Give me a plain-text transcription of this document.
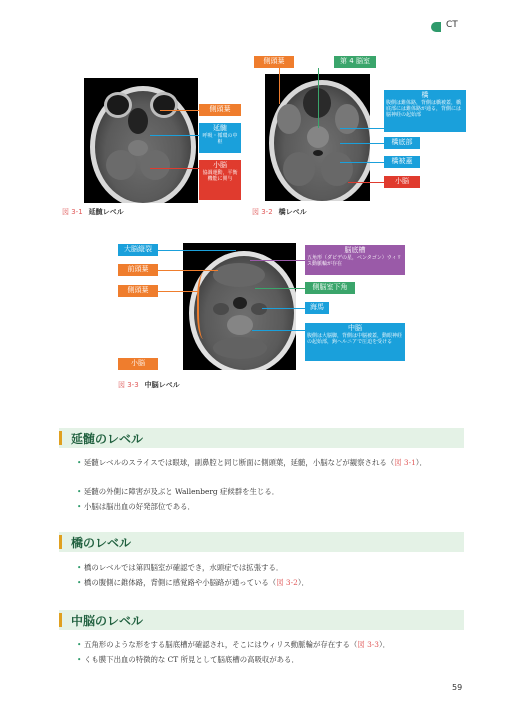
CT
側頭葉
延髄
呼吸・循環の中枢
小脳
協調運動，平衡機能に関与
図 3-1 延髄レベル
側頭葉	第 4 脳室
橋
腹側は錐体路，背側は橋被蓋，橋底部には錐体路が通る，背側には脳神経の起始部
橋底部
橋被蓋
小脳
図 3-2 橋レベル
大脳縦裂
前頭葉
側頭葉
小脳
脳底槽
五角形（ダビデの星，ペンタゴン）ウィリス動脈輪が存在
側脳室下角
海馬
中脳
腹側は大脳脚，背側は中脳被蓋，動眼神経の起始部，鉤ヘルニアで圧迫を受ける
図 3-3 中脳レベル
延髄のレベル
• 延髄レベルのスライスでは眼球，副鼻腔と同じ断面に側頭葉，延髄，小脳などが観察される（図 3-1）．
• 延髄の外側に障害が及ぶと Wallenberg 症候群を生じる．
• 小脳は脳出血の好発部位である．
橋のレベル
• 橋のレベルでは第四脳室が確認でき，水頭症では拡張する．
• 橋の腹側に錐体路，背側に感覚路や小脳路が通っている（図 3-2）．
中脳のレベル
• 五角形のような形をする脳底槽が確認され，そこにはウィリス動脈輪が存在する（図 3-3）．
• くも膜下出血の特徴的な CT 所見として脳底槽の高吸収がある．
59
